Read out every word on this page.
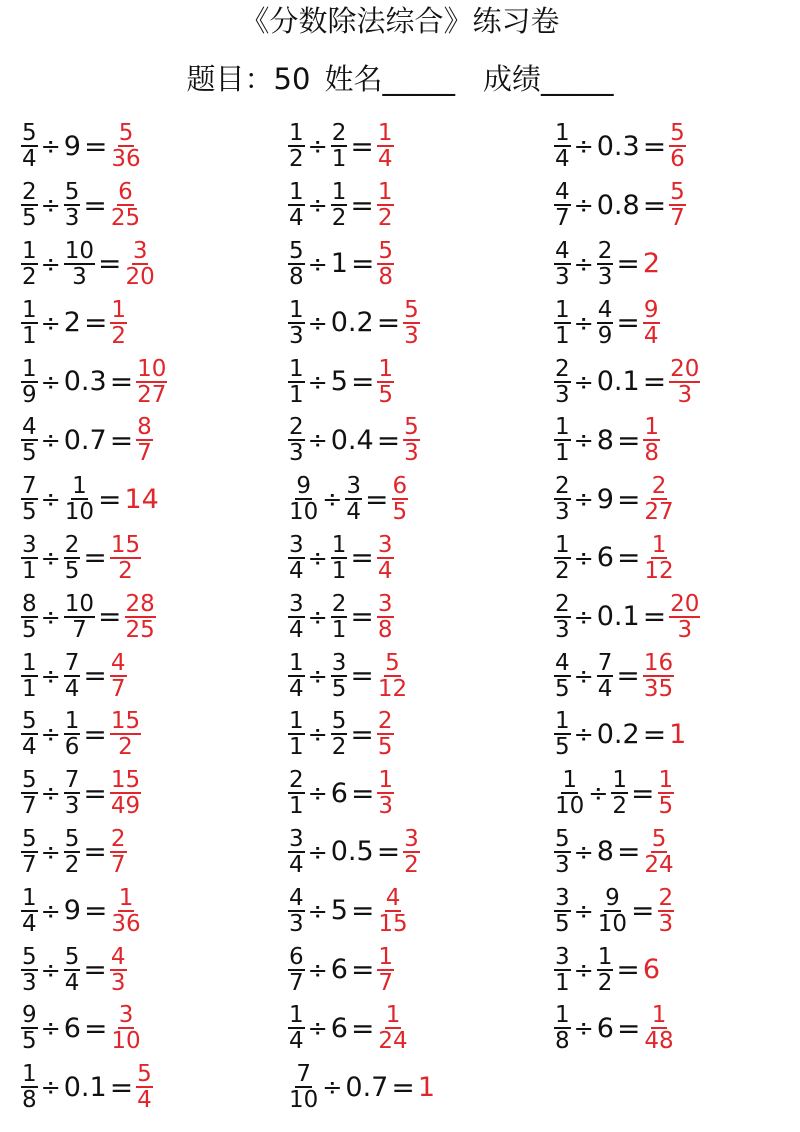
《分数除法综合》练习卷
题目：50 姓名_____ 成绩_____
$\frac{5}{4} \div 9 = \frac{5}{36}$
$\frac{2}{5} \div \frac{5}{3} = \frac{6}{25}$
$\frac{1}{2} \div \frac{10}{3} = \frac{3}{20}$
$\frac{1}{1} \div 2 = \frac{1}{2}$
$\frac{1}{9} \div 0.3 = \frac{10}{27}$
$\frac{4}{5} \div 0.7 = \frac{8}{7}$
$\frac{7}{5} \div \frac{1}{10} = 14$
$\frac{3}{1} \div \frac{2}{5} = \frac{15}{2}$
$\frac{8}{5} \div \frac{10}{7} = \frac{28}{25}$
$\frac{1}{1} \div \frac{7}{4} = \frac{4}{7}$
$\frac{5}{4} \div \frac{1}{6} = \frac{15}{2}$
$\frac{5}{7} \div \frac{7}{3} = \frac{15}{49}$
$\frac{5}{7} \div \frac{5}{2} = \frac{2}{7}$
$\frac{1}{4} \div 9 = \frac{1}{36}$
$\frac{5}{3} \div \frac{5}{4} = \frac{4}{3}$
$\frac{9}{5} \div 6 = \frac{3}{10}$
$\frac{1}{8} \div 0.1 = \frac{5}{4}$
$\frac{1}{2} \div \frac{2}{1} = \frac{1}{4}$
$\frac{1}{4} \div \frac{1}{2} = \frac{1}{2}$
$\frac{5}{8} \div 1 = \frac{5}{8}$
$\frac{1}{3} \div 0.2 = \frac{5}{3}$
$\frac{1}{1} \div 5 = \frac{1}{5}$
$\frac{2}{3} \div 0.4 = \frac{5}{3}$
$\frac{9}{10} \div \frac{3}{4} = \frac{6}{5}$
$\frac{3}{4} \div \frac{1}{1} = \frac{3}{4}$
$\frac{3}{4} \div \frac{2}{1} = \frac{3}{8}$
$\frac{1}{4} \div \frac{3}{5} = \frac{5}{12}$
$\frac{1}{1} \div \frac{5}{2} = \frac{2}{5}$
$\frac{2}{1} \div 6 = \frac{1}{3}$
$\frac{3}{4} \div 0.5 = \frac{3}{2}$
$\frac{4}{3} \div 5 = \frac{4}{15}$
$\frac{6}{7} \div 6 = \frac{1}{7}$
$\frac{1}{4} \div 6 = \frac{1}{24}$
$\frac{7}{10} \div 0.7 = 1$
$\frac{1}{4} \div 0.3 = \frac{5}{6}$
$\frac{4}{7} \div 0.8 = \frac{5}{7}$
$\frac{4}{3} \div \frac{2}{3} = 2$
$\frac{1}{1} \div \frac{4}{9} = \frac{9}{4}$
$\frac{2}{3} \div 0.1 = \frac{20}{3}$
$\frac{1}{1} \div 8 = \frac{1}{8}$
$\frac{2}{3} \div 9 = \frac{2}{27}$
$\frac{1}{2} \div 6 = \frac{1}{12}$
$\frac{2}{3} \div 0.1 = \frac{20}{3}$
$\frac{4}{5} \div \frac{7}{4} = \frac{16}{35}$
$\frac{1}{5} \div 0.2 = 1$
$\frac{1}{10} \div \frac{1}{2} = \frac{1}{5}$
$\frac{5}{3} \div 8 = \frac{5}{24}$
$\frac{3}{5} \div \frac{9}{10} = \frac{2}{3}$
$\frac{3}{1} \div \frac{1}{2} = 6$
$\frac{1}{8} \div 6 = \frac{1}{48}$
